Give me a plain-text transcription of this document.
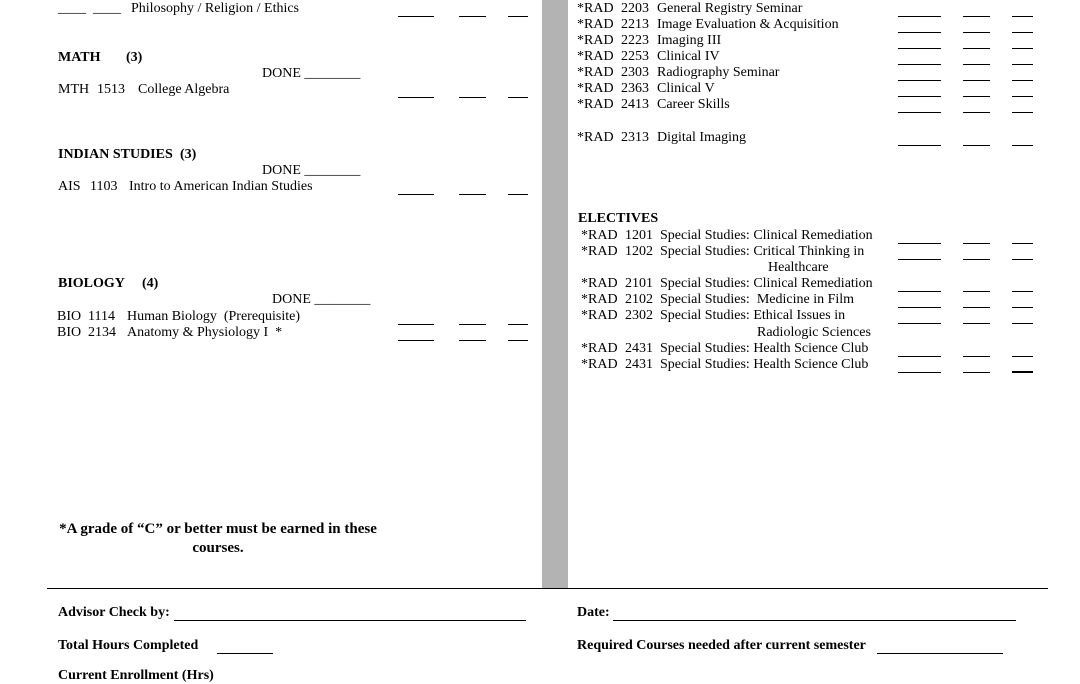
____  ____ Philosophy / Religion / Ethics
MATH (3)
DONE ________
MTH 1513 College Algebra
INDIAN STUDIES (3)
DONE ________
AIS 1103 Intro to American Indian Studies
BIOLOGY (4)
DONE ________
BIO 1114 Human Biology  (Prerequisite)
BIO 2134 Anatomy & Physiology I  *
*A grade of “C” or better must be earned in these courses.
*RAD 2203 General Registry Seminar
*RAD 2213 Image Evaluation & Acquisition
*RAD 2223 Imaging III
*RAD 2253 Clinical IV
*RAD 2303 Radiography Seminar
*RAD 2363 Clinical V
*RAD 2413 Career Skills
*RAD 2313 Digital Imaging
ELECTIVES
*RAD 1201 Special Studies: Clinical Remediation
*RAD 1202 Special Studies: Critical Thinking in
Healthcare
*RAD 2101 Special Studies: Clinical Remediation
*RAD 2102 Special Studies:  Medicine in Film
*RAD 2302 Special Studies: Ethical Issues in
Radiologic Sciences
*RAD 2431 Special Studies: Health Science Club
*RAD 2431 Special Studies: Health Science Club
Advisor Check by:	Date:
Total Hours Completed	Required Courses needed after current semester
Current Enrollment (Hrs)
